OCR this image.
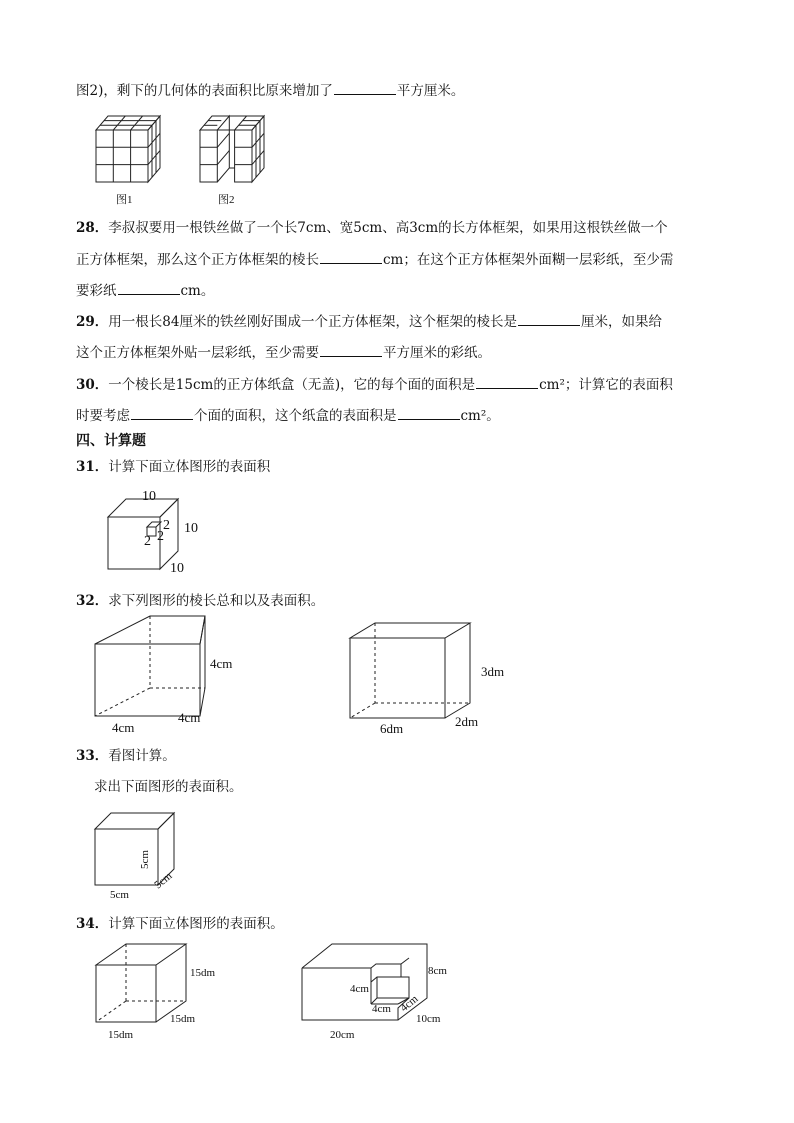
图2)，剩下的几何体的表面积比原来增加了	平方厘米。
图1	图2
28．李叔叔要用一根铁丝做了一个长7cm、宽5cm、高3cm的长方体框架，如果用这根铁丝做一个
正方体框架，那么这个正方体框架的棱长	cm；在这个正方体框架外面糊一层彩纸，至少需
要彩纸	cm。
29．用一根长84厘米的铁丝刚好围成一个正方体框架，这个框架的棱长是	厘米，如果给
这个正方体框架外贴一层彩纸，至少需要	平方厘米的彩纸。
30．一个棱长是15cm的正方体纸盒（无盖)，它的每个面的面积是	cm²；计算它的表面积
时要考虑	个面的面积，这个纸盒的表面积是	cm²。
四、计算题
31．计算下面立体图形的表面积
10
2 10
2 2
10
32．求下列图形的棱长总和以及表面积。
4cm
4cm
4cm
3dm
2dm
6dm
33．看图计算。
求出下面图形的表面积。
5cm
5cm
5cm
34．计算下面立体图形的表面积。
15dm
15dm
15dm
8cm
4cm
4cm 4cm
10cm
20cm
